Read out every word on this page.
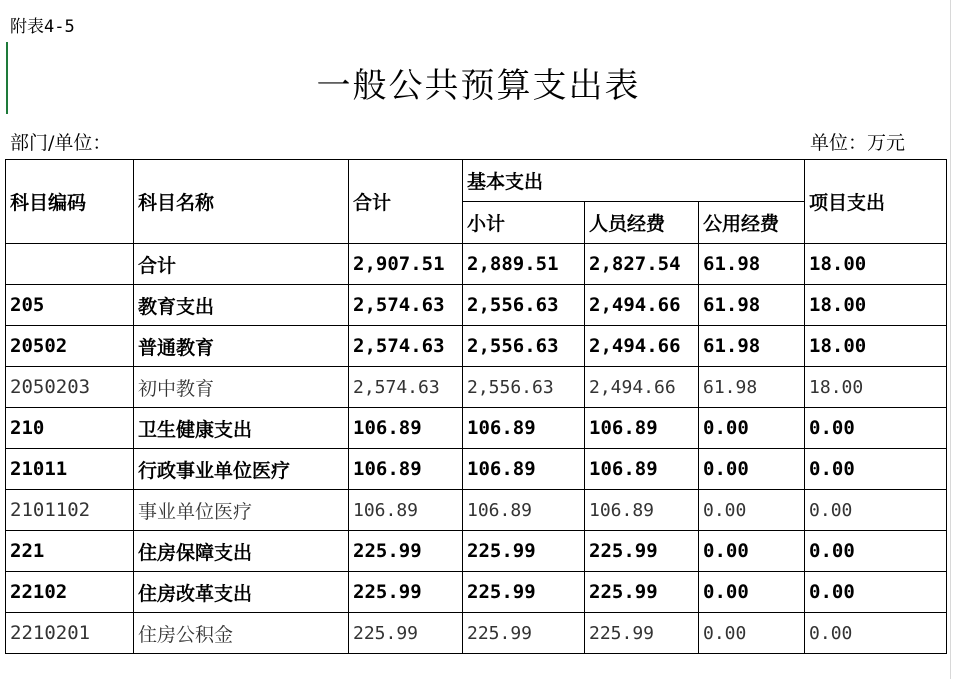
附表4-5
一般公共预算支出表
部门/单位：	单位：万元
科目编码	科目名称	合计	基本支出			项目支出
			小计	人员经费	公用经费	
	合计	2,907.51	2,889.51	2,827.54	61.98	18.00
205	教育支出	2,574.63	2,556.63	2,494.66	61.98	18.00
20502	普通教育	2,574.63	2,556.63	2,494.66	61.98	18.00
2050203	初中教育	2,574.63	2,556.63	2,494.66	61.98	18.00
210	卫生健康支出	106.89	106.89	106.89	0.00	0.00
21011	行政事业单位医疗	106.89	106.89	106.89	0.00	0.00
2101102	事业单位医疗	106.89	106.89	106.89	0.00	0.00
221	住房保障支出	225.99	225.99	225.99	0.00	0.00
22102	住房改革支出	225.99	225.99	225.99	0.00	0.00
2210201	住房公积金	225.99	225.99	225.99	0.00	0.00
